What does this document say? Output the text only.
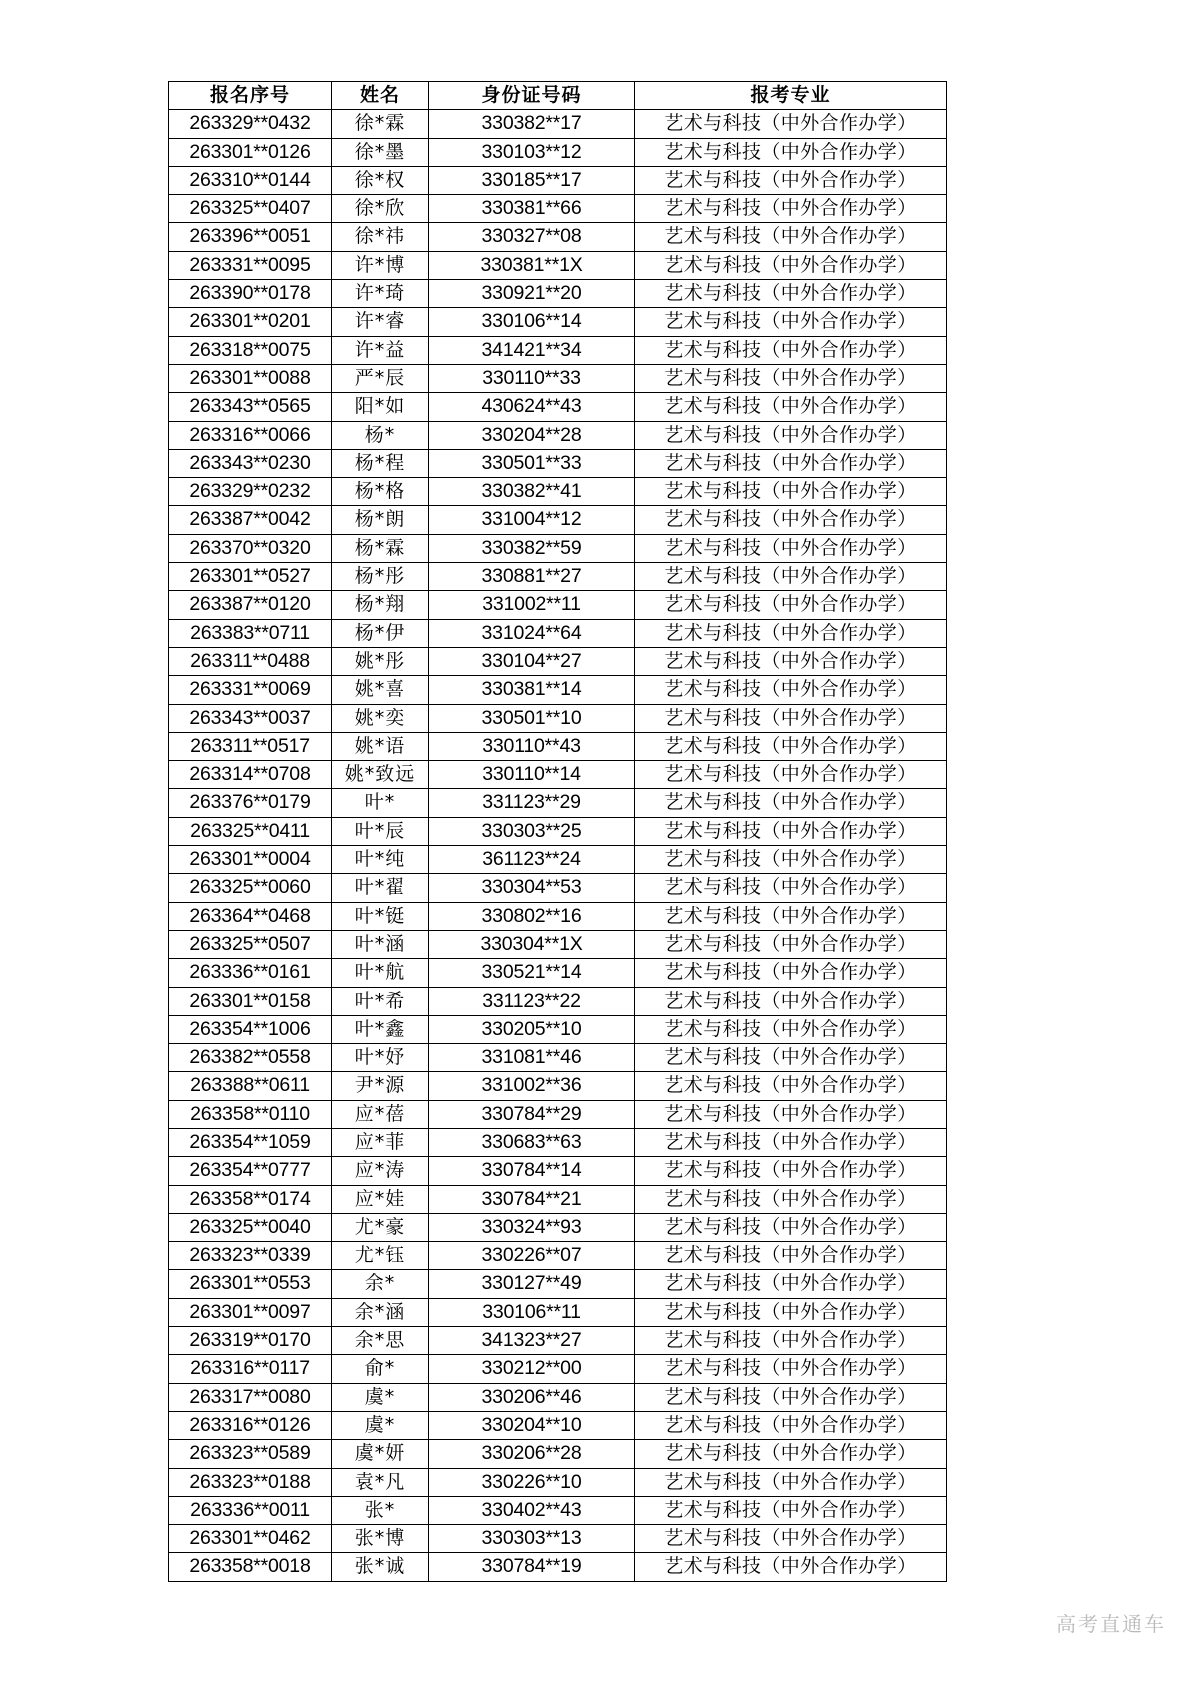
报名序号	姓名	身份证号码	报考专业
263329**0432	徐*霖	330382**17	艺术与科技（中外合作办学）
263301**0126	徐*墨	330103**12	艺术与科技（中外合作办学）
263310**0144	徐*权	330185**17	艺术与科技（中外合作办学）
263325**0407	徐*欣	330381**66	艺术与科技（中外合作办学）
263396**0051	徐*祎	330327**08	艺术与科技（中外合作办学）
263331**0095	许*博	330381**1X	艺术与科技（中外合作办学）
263390**0178	许*琦	330921**20	艺术与科技（中外合作办学）
263301**0201	许*睿	330106**14	艺术与科技（中外合作办学）
263318**0075	许*益	341421**34	艺术与科技（中外合作办学）
263301**0088	严*辰	330110**33	艺术与科技（中外合作办学）
263343**0565	阳*如	430624**43	艺术与科技（中外合作办学）
263316**0066	杨*	330204**28	艺术与科技（中外合作办学）
263343**0230	杨*程	330501**33	艺术与科技（中外合作办学）
263329**0232	杨*格	330382**41	艺术与科技（中外合作办学）
263387**0042	杨*朗	331004**12	艺术与科技（中外合作办学）
263370**0320	杨*霖	330382**59	艺术与科技（中外合作办学）
263301**0527	杨*彤	330881**27	艺术与科技（中外合作办学）
263387**0120	杨*翔	331002**11	艺术与科技（中外合作办学）
263383**0711	杨*伊	331024**64	艺术与科技（中外合作办学）
263311**0488	姚*彤	330104**27	艺术与科技（中外合作办学）
263331**0069	姚*喜	330381**14	艺术与科技（中外合作办学）
263343**0037	姚*奕	330501**10	艺术与科技（中外合作办学）
263311**0517	姚*语	330110**43	艺术与科技（中外合作办学）
263314**0708	姚*致远	330110**14	艺术与科技（中外合作办学）
263376**0179	叶*	331123**29	艺术与科技（中外合作办学）
263325**0411	叶*辰	330303**25	艺术与科技（中外合作办学）
263301**0004	叶*纯	361123**24	艺术与科技（中外合作办学）
263325**0060	叶*翟	330304**53	艺术与科技（中外合作办学）
263364**0468	叶*铤	330802**16	艺术与科技（中外合作办学）
263325**0507	叶*涵	330304**1X	艺术与科技（中外合作办学）
263336**0161	叶*航	330521**14	艺术与科技（中外合作办学）
263301**0158	叶*希	331123**22	艺术与科技（中外合作办学）
263354**1006	叶*鑫	330205**10	艺术与科技（中外合作办学）
263382**0558	叶*妤	331081**46	艺术与科技（中外合作办学）
263388**0611	尹*源	331002**36	艺术与科技（中外合作办学）
263358**0110	应*蓓	330784**29	艺术与科技（中外合作办学）
263354**1059	应*菲	330683**63	艺术与科技（中外合作办学）
263354**0777	应*涛	330784**14	艺术与科技（中外合作办学）
263358**0174	应*娃	330784**21	艺术与科技（中外合作办学）
263325**0040	尤*豪	330324**93	艺术与科技（中外合作办学）
263323**0339	尤*钰	330226**07	艺术与科技（中外合作办学）
263301**0553	余*	330127**49	艺术与科技（中外合作办学）
263301**0097	余*涵	330106**11	艺术与科技（中外合作办学）
263319**0170	余*思	341323**27	艺术与科技（中外合作办学）
263316**0117	俞*	330212**00	艺术与科技（中外合作办学）
263317**0080	虞*	330206**46	艺术与科技（中外合作办学）
263316**0126	虞*	330204**10	艺术与科技（中外合作办学）
263323**0589	虞*妍	330206**28	艺术与科技（中外合作办学）
263323**0188	袁*凡	330226**10	艺术与科技（中外合作办学）
263336**0011	张*	330402**43	艺术与科技（中外合作办学）
263301**0462	张*博	330303**13	艺术与科技（中外合作办学）
263358**0018	张*诚	330784**19	艺术与科技（中外合作办学）
高考直通车
